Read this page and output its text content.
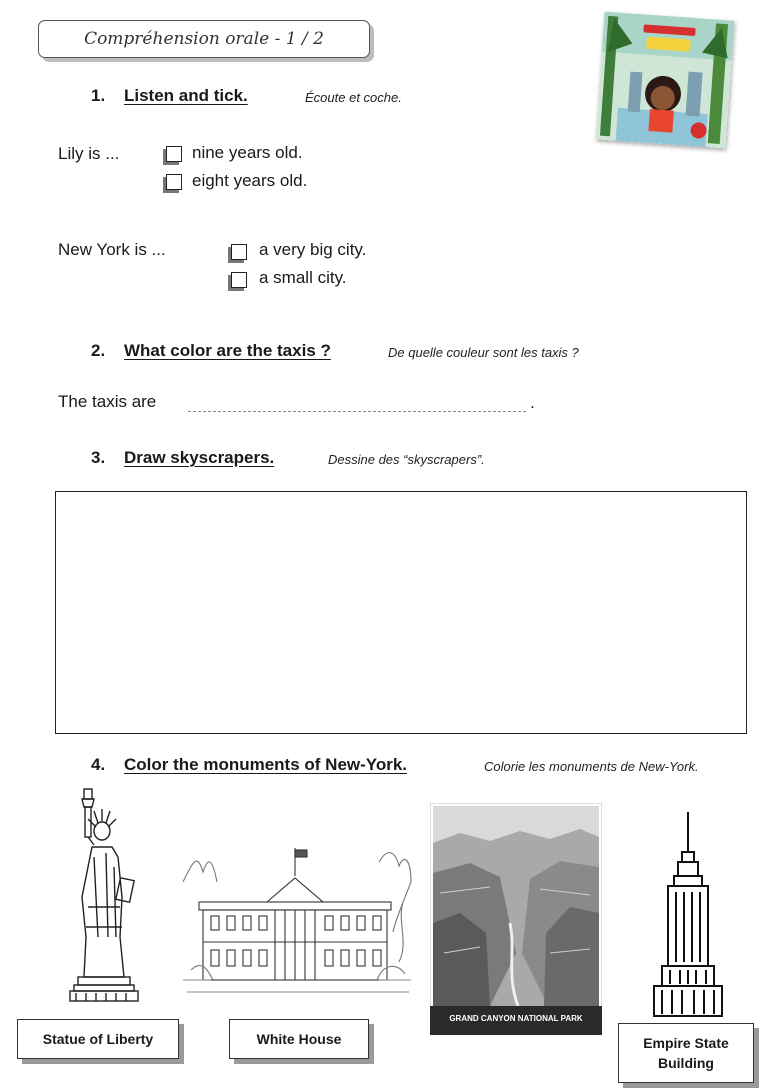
Compréhension orale - 1 / 2
1. Listen and tick.	Écoute et coche.
Lily is ...	nine years old.
eight years old.
New York is ...	a very big city.
a small city.
2. What color are the taxis ?	De quelle couleur sont les taxis ?
The taxis are	.
3. Draw skyscrapers.	Dessine des “skyscrapers”.
4. Color the monuments of New-York.	Colorie les monuments de New-York.
GRAND CANYON NATIONAL PARK
Statue of Liberty	White House	Empire State Building
